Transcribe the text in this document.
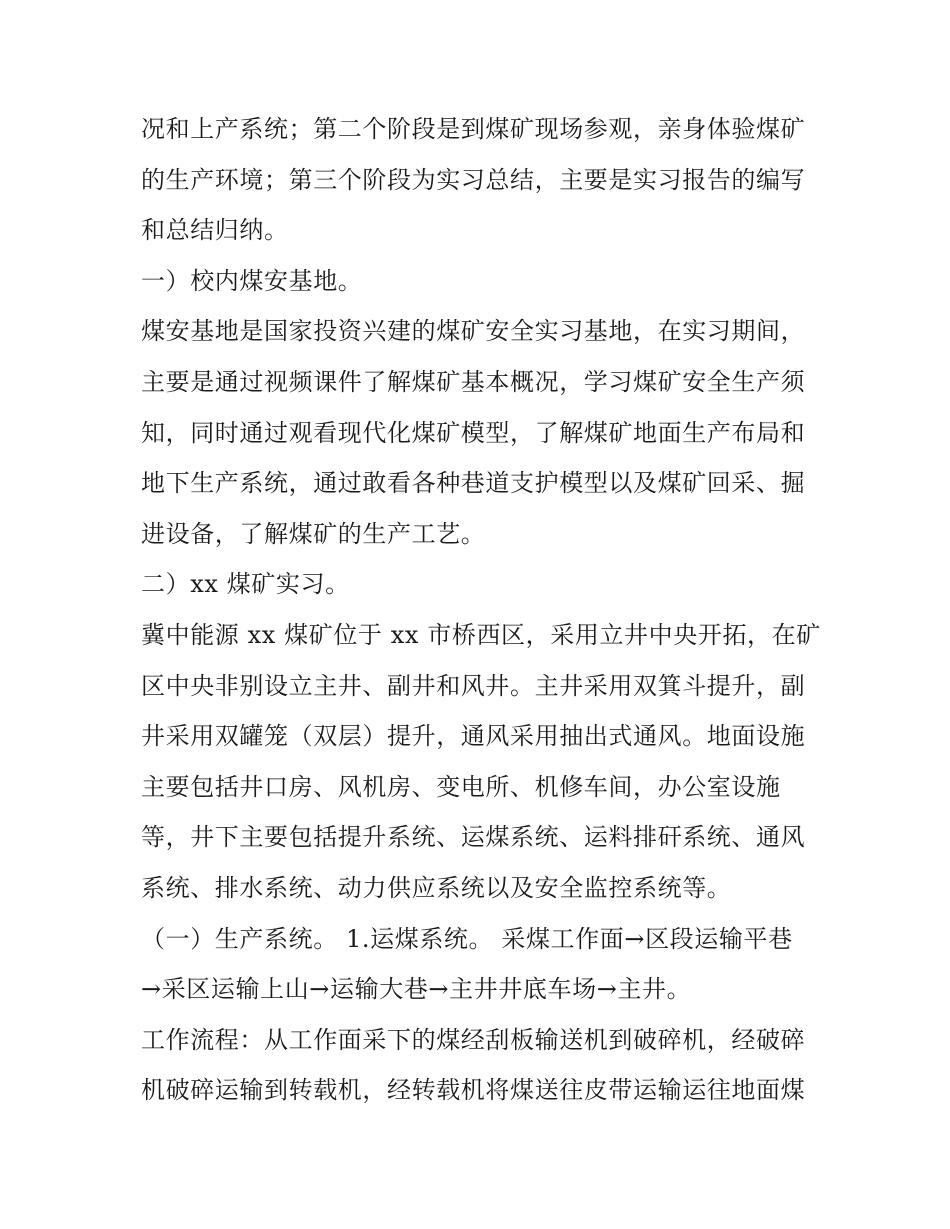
况和上产系统；第二个阶段是到煤矿现场参观，亲身体验煤矿
的生产环境；第三个阶段为实习总结，主要是实习报告的编写
和总结归纳。
一）校内煤安基地。
煤安基地是国家投资兴建的煤矿安全实习基地，在实习期间，
主要是通过视频课件了解煤矿基本概况，学习煤矿安全生产须
知，同时通过观看现代化煤矿模型，了解煤矿地面生产布局和
地下生产系统，通过敢看各种巷道支护模型以及煤矿回采、掘
进设备，了解煤矿的生产工艺。
二）xx 煤矿实习。
冀中能源 xx 煤矿位于 xx 市桥西区，采用立井中央开拓，在矿
区中央非别设立主井、副井和风井。主井采用双箕斗提升，副
井采用双罐笼（双层）提升，通风采用抽出式通风。地面设施
主要包括井口房、风机房、变电所、机修车间，办公室设施
等，井下主要包括提升系统、运煤系统、运料排矸系统、通风
系统、排水系统、动力供应系统以及安全监控系统等。
（一）生产系统。 1.运煤系统。 采煤工作面→区段运输平巷
→采区运输上山→运输大巷→主井井底车场→主井。
工作流程：从工作面采下的煤经刮板输送机到破碎机，经破碎
机破碎运输到转载机，经转载机将煤送往皮带运输运往地面煤
